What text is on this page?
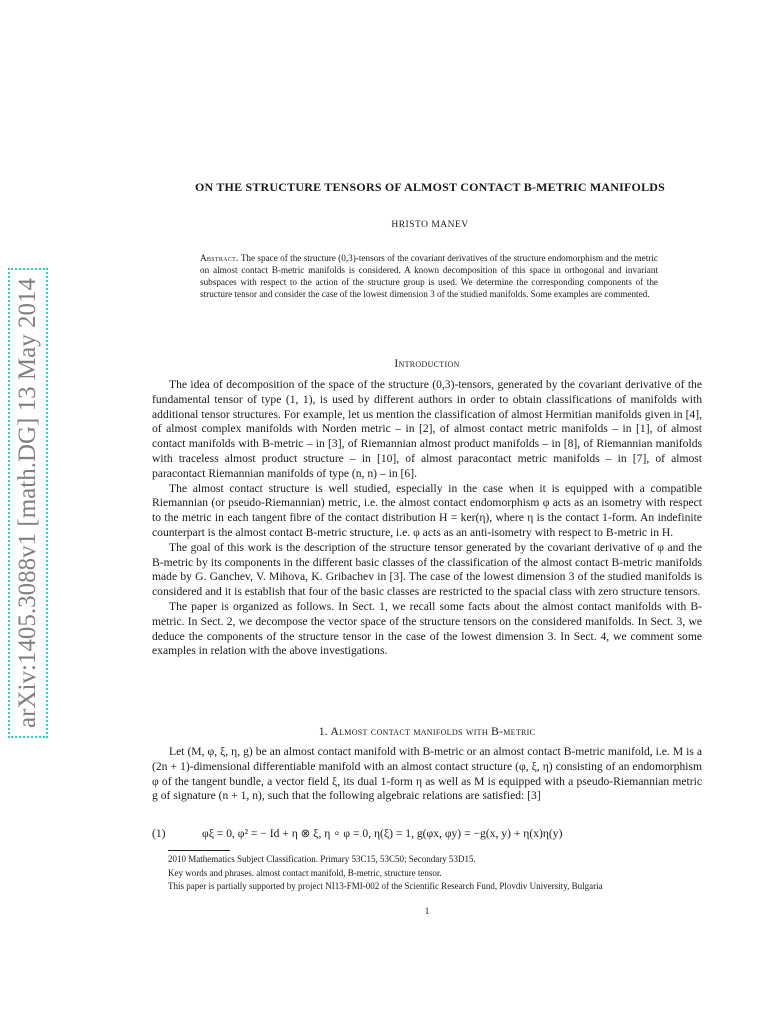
arXiv:1405.3088v1 [math.DG] 13 May 2014
ON THE STRUCTURE TENSORS OF ALMOST CONTACT B-METRIC MANIFOLDS
HRISTO MANEV
Abstract. The space of the structure (0,3)-tensors of the covariant derivatives of the structure endomorphism and the metric on almost contact B-metric manifolds is considered. A known decomposition of this space in orthogonal and invariant subspaces with respect to the action of the structure group is used. We determine the corresponding components of the structure tensor and consider the case of the lowest dimension 3 of the studied manifolds. Some examples are commented.
Introduction

The idea of decomposition of the space of the structure (0,3)-tensors, generated by the covariant derivative of the fundamental tensor of type (1, 1), is used by different authors in order to obtain classifications of manifolds with additional tensor structures. For example, let us mention the classification of almost Hermitian manifolds given in [4], of almost complex manifolds with Norden metric – in [2], of almost contact metric manifolds – in [1], of almost contact manifolds with B-metric – in [3], of Riemannian almost product manifolds – in [8], of Riemannian manifolds with traceless almost product structure – in [10], of almost paracontact metric manifolds – in [7], of almost paracontact Riemannian manifolds of type (n, n) – in [6].

The almost contact structure is well studied, especially in the case when it is equipped with a compatible Riemannian (or pseudo-Riemannian) metric, i.e. the almost contact endomorphism φ acts as an isometry with respect to the metric in each tangent fibre of the contact distribution H = ker(η), where η is the contact 1-form. An indefinite counterpart is the almost contact B-metric structure, i.e. φ acts as an anti-isometry with respect to B-metric in H.

The goal of this work is the description of the structure tensor generated by the covariant derivative of φ and the B-metric by its components in the different basic classes of the classification of the almost contact B-metric manifolds made by G. Ganchev, V. Mihova, K. Gribachev in [3]. The case of the lowest dimension 3 of the studied manifolds is considered and it is establish that four of the basic classes are restricted to the spacial class with zero structure tensors.

The paper is organized as follows. In Sect. 1, we recall some facts about the almost contact manifolds with B-metric. In Sect. 2, we decompose the vector space of the structure tensors on the considered manifolds. In Sect. 3, we deduce the components of the structure tensor in the case of the lowest dimension 3. In Sect. 4, we comment some examples in relation with the above investigations.

1. Almost contact manifolds with B-metric

Let (M, φ, ξ, η, g) be an almost contact manifold with B-metric or an almost contact B-metric manifold, i.e. M is a (2n + 1)-dimensional differentiable manifold with an almost contact structure (φ, ξ, η) consisting of an endomorphism φ of the tangent bundle, a vector field ξ, its dual 1-form η as well as M is equipped with a pseudo-Riemannian metric g of signature (n + 1, n), such that the following algebraic relations are satisfied: [3]

(1)	φξ = 0, φ² = − Id + η ⊗ ξ, η ∘ φ = 0, η(ξ) = 1, g(φx, φy) = −g(x, y) + η(x)η(y)
2010 Mathematics Subject Classification. Primary 53C15, 53C50; Secondary 53D15.
Key words and phrases. almost contact manifold, B-metric, structure tensor.
This paper is partially supported by project NI13-FMI-002 of the Scientific Research Fund, Plovdiv University, Bulgaria
1
